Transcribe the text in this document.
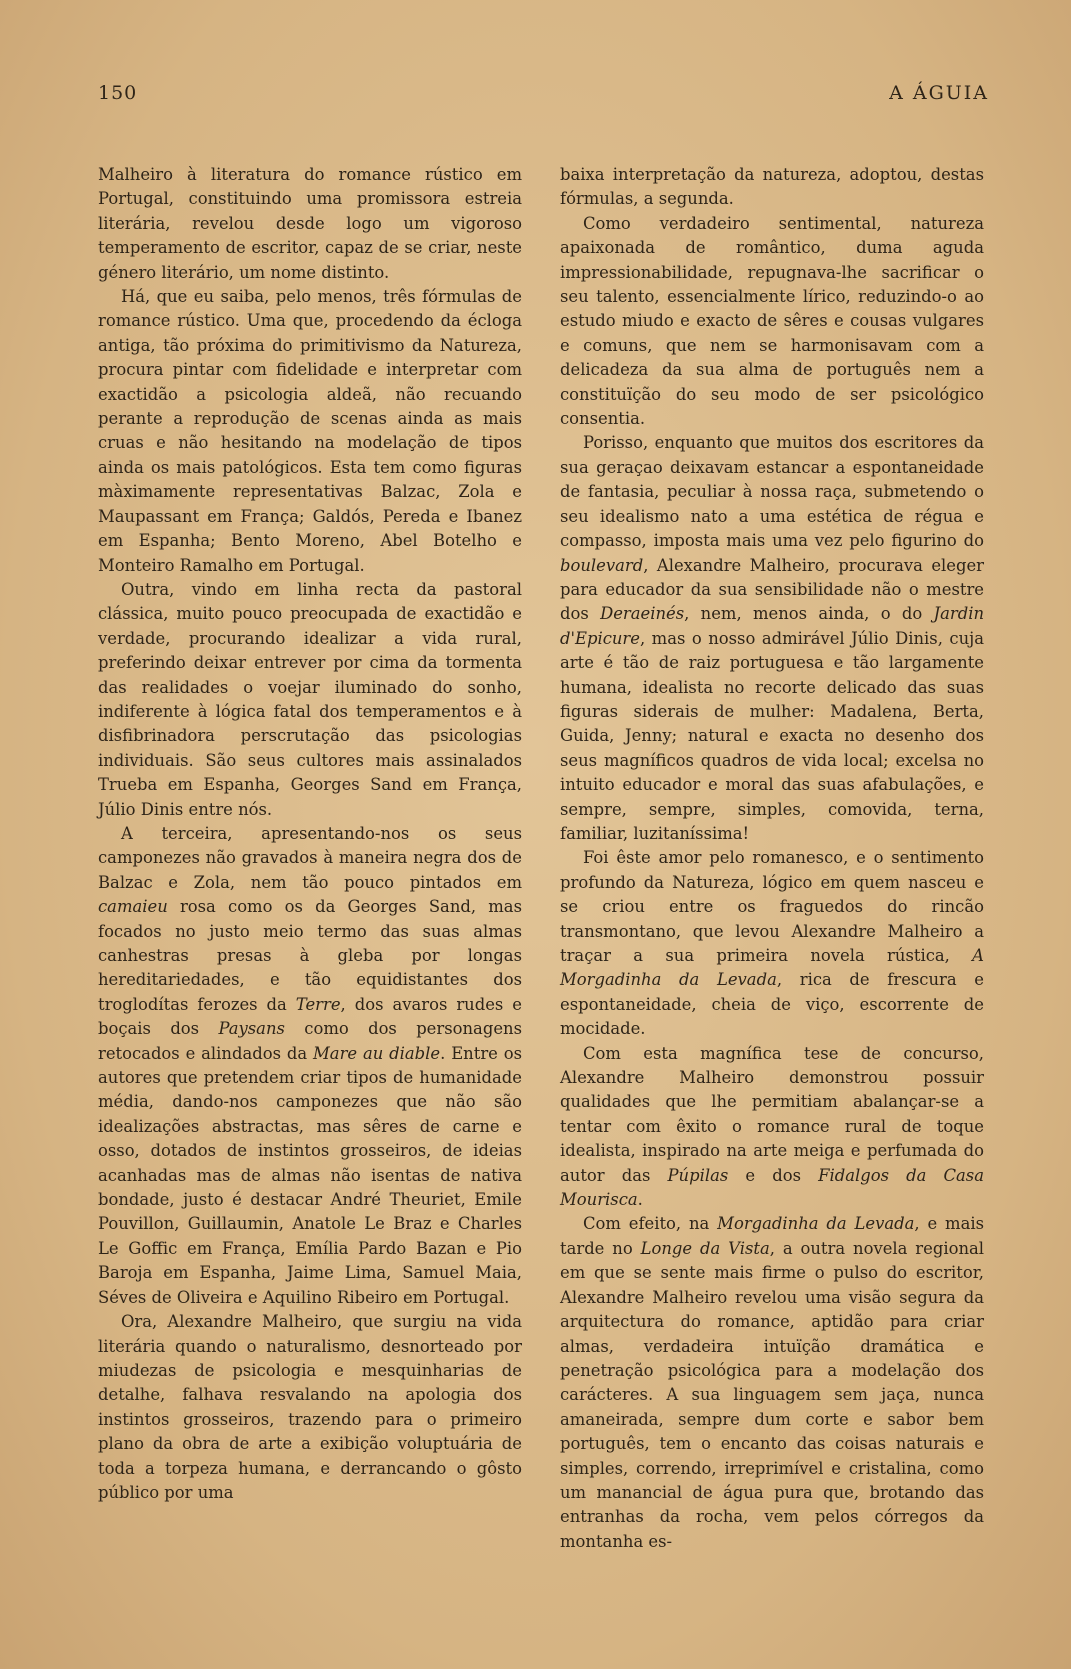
150	A ÁGUIA

Malheiro à literatura do romance rústico em Portugal, constituindo uma promissora estreia literária, revelou desde logo um vigoroso temperamento de escritor, capaz de se criar, neste género literário, um nome distinto.

Há, que eu saiba, pelo menos, três fórmulas de romance rústico. Uma que, procedendo da écloga antiga, tão próxima do primitivismo da Natureza, procura pintar com fidelidade e interpretar com exactidão a psicologia aldeã, não recuando perante a reprodução de scenas ainda as mais cruas e não hesitando na modelação de tipos ainda os mais patológicos. Esta tem como figuras màximamente representativas Balzac, Zola e Maupassant em França; Galdós, Pereda e Ibanez em Espanha; Bento Moreno, Abel Botelho e Monteiro Ramalho em Portugal.

Outra, vindo em linha recta da pastoral clássica, muito pouco preocupada de exactidão e verdade, procurando idealizar a vida rural, preferindo deixar entrever por cima da tormenta das realidades o voejar iluminado do sonho, indiferente à lógica fatal dos temperamentos e à disfibrinadora perscrutação das psicologias individuais. São seus cultores mais assinalados Trueba em Espanha, Georges Sand em França, Júlio Dinis entre nós.

A terceira, apresentando-nos os seus camponezes não gravados à maneira negra dos de Balzac e Zola, nem tão pouco pintados em camaieu rosa como os da Georges Sand, mas focados no justo meio termo das suas almas canhestras presas à gleba por longas hereditariedades, e tão equidistantes dos troglodítas ferozes da Terre, dos avaros rudes e boçais dos Paysans como dos personagens retocados e alindados da Mare au diable. Entre os autores que pretendem criar tipos de humanidade média, dando-nos camponezes que não são idealizações abstractas, mas sêres de carne e osso, dotados de instintos grosseiros, de ideias acanhadas mas de almas não isentas de nativa bondade, justo é destacar André Theuriet, Emile Pouvillon, Guillaumin, Anatole Le Braz e Charles Le Goffic em França, Emília Pardo Bazan e Pio Baroja em Espanha, Jaime Lima, Samuel Maia, Séves de Oliveira e Aquilino Ribeiro em Portugal.

Ora, Alexandre Malheiro, que surgiu na vida literária quando o naturalismo, desnorteado por miudezas de psicologia e mesquinharias de detalhe, falhava resvalando na apologia dos instintos grosseiros, trazendo para o primeiro plano da obra de arte a exibição voluptuária de toda a torpeza humana, e derrancando o gôsto público por uma

baixa interpretação da natureza, adoptou, destas fórmulas, a segunda.

Como verdadeiro sentimental, natureza apaixonada de romântico, duma aguda impressionabilidade, repugnava-lhe sacrificar o seu talento, essencialmente lírico, reduzindo-o ao estudo miudo e exacto de sêres e cousas vulgares e comuns, que nem se harmonisavam com a delicadeza da sua alma de português nem a constituïção do seu modo de ser psicológico consentia.

Porisso, enquanto que muitos dos escritores da sua geraçao deixavam estancar a espontaneidade de fantasia, peculiar à nossa raça, submetendo o seu idealismo nato a uma estética de régua e compasso, imposta mais uma vez pelo figurino do boulevard, Alexandre Malheiro, procurava eleger para educador da sua sensibilidade não o mestre dos Deraeinés, nem, menos ainda, o do Jardin d'Epicure, mas o nosso admirável Júlio Dinis, cuja arte é tão de raiz portuguesa e tão largamente humana, idealista no recorte delicado das suas figuras siderais de mulher: Madalena, Berta, Guida, Jenny; natural e exacta no desenho dos seus magníficos quadros de vida local; excelsa no intuito educador e moral das suas afabulações, e sempre, sempre, simples, comovida, terna, familiar, luzitaníssima!

Foi êste amor pelo romanesco, e o sentimento profundo da Natureza, lógico em quem nasceu e se criou entre os fraguedos do rincão transmontano, que levou Alexandre Malheiro a traçar a sua primeira novela rústica, A Morgadinha da Levada, rica de frescura e espontaneidade, cheia de viço, escorrente de mocidade.

Com esta magnífica tese de concurso, Alexandre Malheiro demonstrou possuir qualidades que lhe permitiam abalançar-se a tentar com êxito o romance rural de toque idealista, inspirado na arte meiga e perfumada do autor das Púpilas e dos Fidalgos da Casa Mourisca.

Com efeito, na Morgadinha da Levada, e mais tarde no Longe da Vista, a outra novela regional em que se sente mais firme o pulso do escritor, Alexandre Malheiro revelou uma visão segura da arquitectura do romance, aptidão para criar almas, verdadeira intuïção dramática e penetração psicológica para a modelação dos carácteres. A sua linguagem sem jaça, nunca amaneirada, sempre dum corte e sabor bem português, tem o encanto das coisas naturais e simples, correndo, irreprimível e cristalina, como um manancial de água pura que, brotando das entranhas da rocha, vem pelos córregos da montanha es-
